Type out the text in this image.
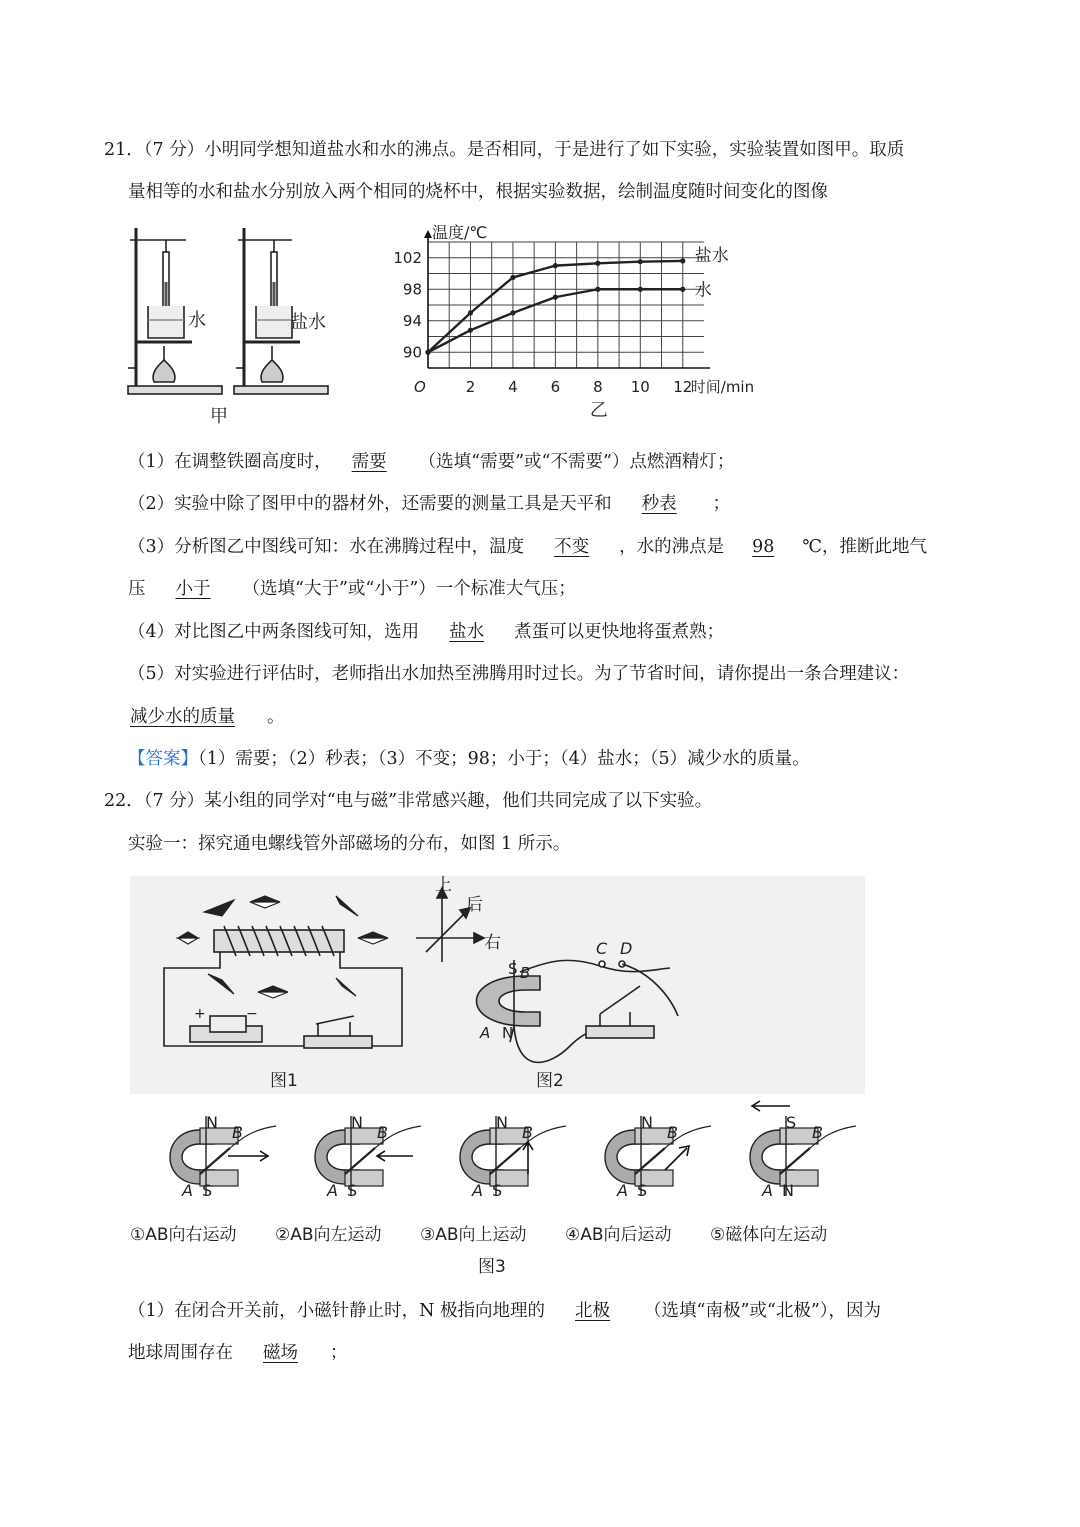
21．（7 分）小明同学想知道盐水和水的沸点。是否相同，于是进行了如下实验，实验装置如图甲。取质
量相等的水和盐水分别放入两个相同的烧杯中，根据实验数据，绘制温度随时间变化的图像
水	盐水
甲
90
94
98
102
2 4 6 8 10 12
O
温度/℃
时间/min
乙
盐水
水
（1）在调整铁圈高度时， 需要 （选填“需要”或“不需要”）点燃酒精灯；
（2）实验中除了图甲中的器材外，还需要的测量工具是天平和 秒表 ；
（3）分析图乙中图线可知：水在沸腾过程中，温度 不变 ，水的沸点是 98 ℃，推断此地气
压 小于 （选填“大于”或“小于”）一个标准大气压；
（4）对比图乙中两条图线可知，选用 盐水 煮蛋可以更快地将蛋煮熟；
（5）对实验进行评估时，老师指出水加热至沸腾用时过长。为了节省时间，请你提出一条合理建议：
减少水的质量 。
【答案】（1）需要；（2）秒表；（3）不变；98；小于；（4）盐水；（5）减少水的质量。
22．（7 分）某小组的同学对“电与磁”非常感兴趣，他们共同完成了以下实验。
实验一：探究通电螺线管外部磁场的分布，如图 1 所示。
+	−
图1
上
后
右	C D
S B
A N
图2
图3
N
B
A S
①AB向右运动
N
B
A S
②AB向左运动
N
B
A S
③AB向上运动
N
B
A S
④AB向后运动
S
B
A N
⑤磁体向左运动
（1）在闭合开关前，小磁针静止时，N 极指向地理的 北极 （选填“南极”或“北极”），因为
地球周围存在 磁场 ；
